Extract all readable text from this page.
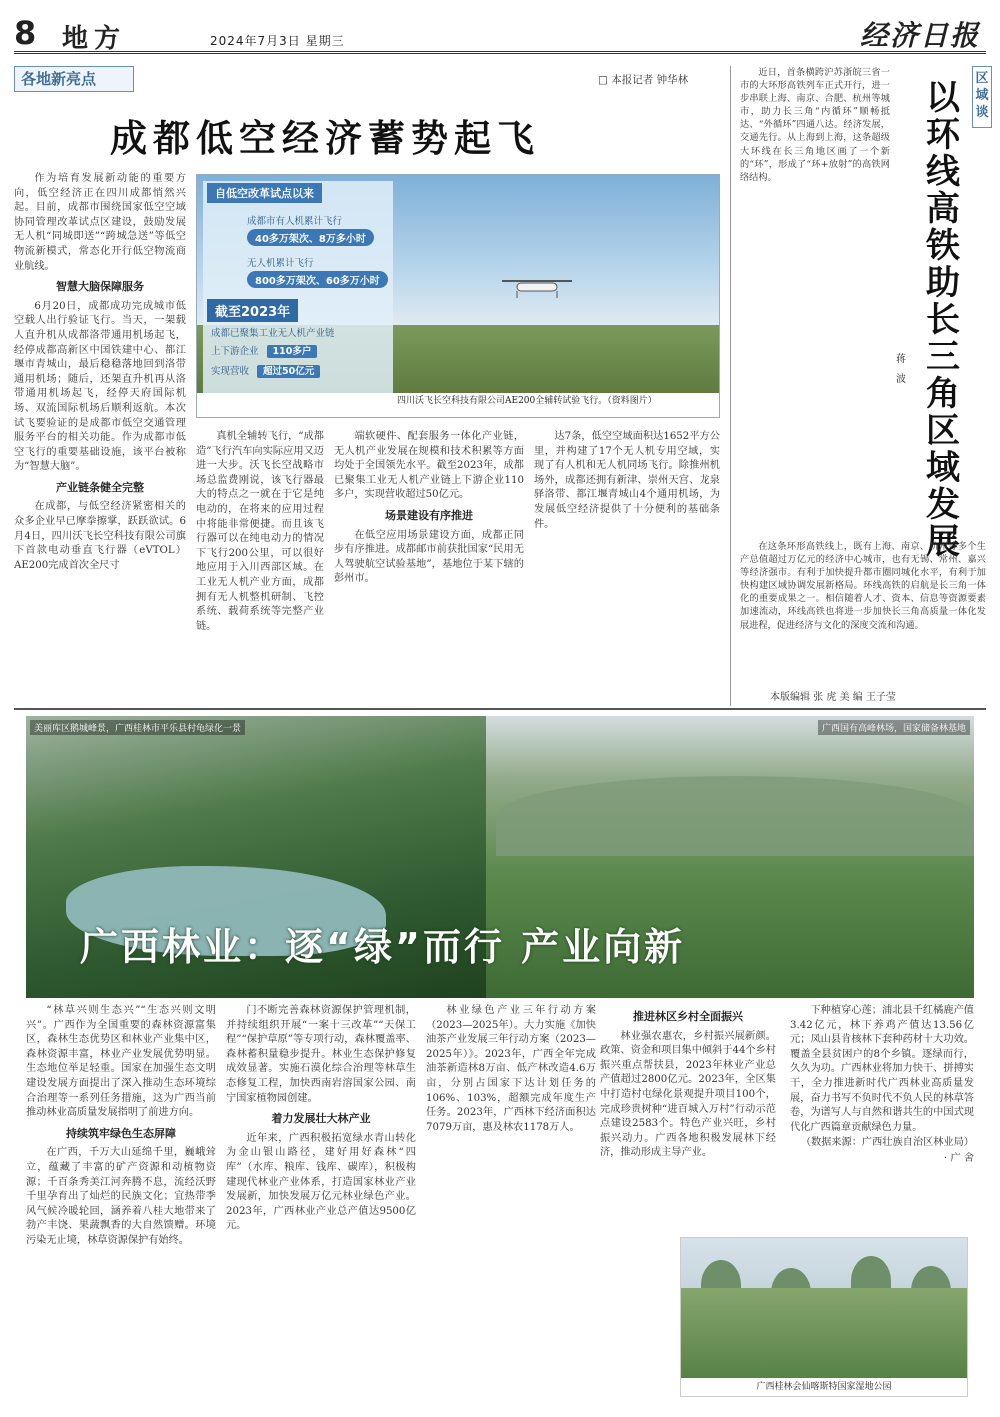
8 地方	2024年7月3日 星期三	经济日报
各地新亮点	□ 本报记者 钟华林
成都低空经济蓄势起飞

作为培育发展新动能的重要方向，低空经济正在四川成都悄然兴起。目前，成都市围绕国家低空空域协同管理改革试点区建设，鼓励发展无人机“同城即送”“跨城急送”等低空物流新模式，常态化开行低空物流商业航线。

智慧大脑保障服务

6月20日，成都成功完成城市低空载人出行验证飞行。当天，一架载人直升机从成都洛带通用机场起飞，经停成都高新区中国铁建中心、都江堰市青城山，最后稳稳落地回到洛带通用机场；随后，还架直升机再从洛带通用机场起飞，经停天府国际机场、双流国际机场后顺利返航。本次试飞要验证的是成都市低空交通管理服务平台的相关功能。作为成都市低空飞行的重要基础设施，该平台被称为“智慧大脑”。

产业链条健全完整

在成都，与低空经济紧密相关的众多企业早已摩拳擦掌，跃跃欲试。6月4日，四川沃飞长空科技有限公司旗下首款电动垂直飞行器（eVTOL）AE200完成首次全尺寸

自低空改革试点以来
成都市有人机累计飞行
40多万架次、8万多小时
无人机累计飞行
800多万架次、60多万小时
截至2023年
成都已聚集工业无人机产业链
上下游企业 110多户
实现营收 超过50亿元
四川沃飞长空科技有限公司AE200全辅转试验飞行。（资料图片）

真机全辅转飞行，“成都造”飞行汽车向实际应用又迈进一大步。沃飞长空战略市场总监费刚说，该飞行器最大的特点之一就在于它是纯电动的，在将来的应用过程中将能非常便捷。而且该飞行器可以在纯电动力的情况下飞行200公里，可以很好地应用于入川西部区域。在工业无人机产业方面，成都拥有无人机整机研制、飞控系统、载荷系统等完整产业链。

端软硬件、配套服务一体化产业链，无人机产业发展在规模和技术积累等方面均处于全国领先水平。截至2023年，成都已聚集工业无人机产业链上下游企业110多户，实现营收超过50亿元。

场景建设有序推进

在低空应用场景建设方面，成都正同步有序推进。成都邮市前获批国家“民用无人驾驶航空试验基地”，基地位于某下辖的彭州市。

达7条，低空空域面积达1652平方公里，并构建了17个无人机专用空域，实现了有人机和无人机同场飞行。除推州机场外，成都还拥有新津、崇州天宫、龙泉驿洛带、都江堰青城山4个通用机场，为发展低空经济提供了十分便利的基础条件。

区域谈
以环线高铁助长三角区域发展
蒋 波

近日，首条横跨沪苏浙皖三省一市的大环形高铁列车正式开行，进一步串联上海、南京、合肥、杭州等城市，助力长三角“内循环”顺畅抵达、“外循环”四通八达。经济发展，交通先行。从上海到上海，这条超级大环线在长三角地区画了一个新的“环”，形成了“环+放射”的高铁网络结构。

在这条环形高铁线上，既有上海、南京、杭州等多个生产总值超过万亿元的经济中心城市，也有无锡、常州、嘉兴等经济强市。有利于加快提升都市圈同城化水平，有利于加快构建区域协调发展新格局。环线高铁的启航是长三角一体化的重要成果之一。相信随着人才、资本、信息等资源要素加速流动，环线高铁也将进一步加快长三角高质量一体化发展进程，促进经济与文化的深度交流和沟通。

本版编辑 张 虎 美 编 王子莹
美丽库区鹅城峰景，广西桂林市平乐县村龟绿化一景	广西国有高峰林场，国家储备林基地
广西林业：逐“绿”而行 产业向新

“林草兴则生态兴”“生态兴则文明兴”。广西作为全国重要的森林资源富集区，森林生态优势区和林业产业集中区，森林资源丰富，林业产业发展优势明显。生态地位举足轻重。国家在加强生态文明建设发展方面提出了深入推动生态环境综合治理等一系列任务措施，这为广西当前推动林业高质量发展指明了前进方向。

持续筑牢绿色生态屏障

在广西，千万大山延绵千里，巍峨耸立，蕴藏了丰富的矿产资源和动植物资源；千百条秀美江河奔腾不息，流经沃野千里孕育出了灿烂的民族文化；宜热带季风气候冷暖轮回，涵养着八桂大地带来了勃产丰饶、果蔬飘香的大自然馈赠。环境污染无止境，林草资源保护有始终。

门不断完善森林资源保护管理机制，并持续组织开展“一案十三改革”“天保工程”“保护草原”等专项行动，森林覆盖率、森林蓄积量稳步提升。林业生态保护修复成效显著。实施石漠化综合治理等林草生态修复工程，加快西南岩溶国家公园、南宁国家植物园创建。

着力发展壮大林产业

近年来，广西积极拓宽绿水青山转化为金山银山路径，建好用好森林“四库”（水库、粮库、钱库、碳库），积极构建现代林业产业体系，打造国家林业产业发展新，加快发展万亿元林业绿色产业。2023年，广西林业产业总产值达9500亿元。

林业绿色产业三年行动方案（2023—2025年）。大力实施《加快油茶产业发展三年行动方案（2023—2025年）》。2023年，广西全年完成油茶新造林8万亩、低产林改造4.6万亩，分别占国家下达计划任务的106%、103%，超额完成年度生产任务。2023年，广西林下经济面积达7079万亩，惠及林农1178万人。

推进林区乡村全面振兴

林业强农惠农，乡村振兴展新颜。政策、资金和项目集中倾斜于44个乡村振兴重点帮扶县，2023年林业产业总产值超过2800亿元。2023年，全区集中打造村屯绿化景观提升项目100个，完成珍贵树种“进百城入万村”行动示范点建设2583个。特色产业兴旺，乡村振兴动力。广西各地积极发展林下经济，推动形成主导产业。

下种植穿心莲；浦北县千红橘鹿产值3.42亿元，林下养鸡产值达13.56亿元；凤山县肯核林下套种药材十大功效。覆盖全县贫困户的8个乡镇。逐绿而行，久久为功。广西林业将加力快干、拼搏实干，全力推进新时代广西林业高质量发展，奋力书写不负时代不负人民的林草答卷，为谱写人与自然和谐共生的中国式现代化广西篇章贡献绿色力量。

（数据来源：广西壮族自治区林业局）

· 广 舍

广西桂林会仙喀斯特国家湿地公园
